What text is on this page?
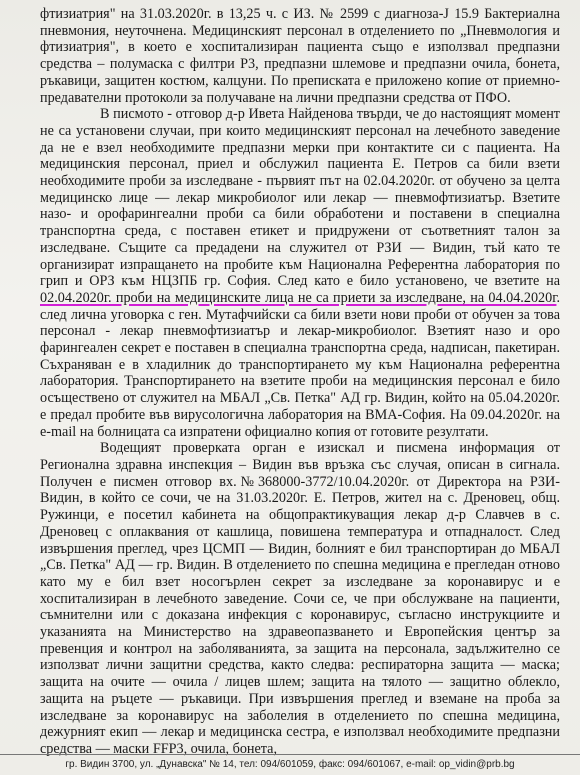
фтизиатрия" на 31.03.2020г. в 13,25 ч. с ИЗ. № 2599 с диагноза-J 15.9 Бактериална пневмония, неуточнена. Медицинският персонал в отделението по „Пневмология и фтизиатрия", в което е хоспитализиран пациента също е използвал предпазни средства – полумаска с филтри Р3, предпазни шлемове и предпазни очила, бонета, ръкавици, защитен костюм, калцуни. По преписката е приложено копие от приемно-предавателни протоколи за получаване на лични предпазни средства от ПФО.

В писмото - отговор д-р Ивета Найденова твърди, че до настоящият момент не са установени случаи, при които медицинският персонал на лечебното заведение да не е взел необходимите предпазни мерки при контактите си с пациента. На медицинския персонал, приел и обслужил пациента Е. Петров са били взети необходимите проби за изследване - първият път на 02.04.2020г. от обучено за целта медицинско лице — лекар микробиолог или лекар — пневмофтизиатър. Взетите назо- и орофарингеални проби са били обработени и поставени в специална транспортна среда, с поставен етикет и придружени от съответният талон за изследване. Същите са предадени на служител от РЗИ — Видин, тъй като те организират изпращането на пробите към Национална Референтна лаборатория по грип и ОРЗ към НЦЗПБ гр. София. След като е било установено, че взетите на 02.04.2020г. проби на медицинските лица не са приети за изследване, на 04.04.2020г. след лична уговорка с ген. Мутафчийски са били взети нови проби от обучен за това персонал - лекар пневмофтизиатър и лекар-микробиолог. Взетият назо и оро фарингеален секрет е поставен в специална транспортна среда, надписан, пакетиран. Съхраняван е в хладилник до транспортирането му към Национална референтна лаборатория. Транспортирането на взетите проби на медицинския персонал е било осъществено от служител на МБАЛ „Св. Петка" АД гр. Видин, който на 05.04.2020г. е предал пробите във вирусологична лаборатория на ВМА-София. На 09.04.2020г. на e-mail на болницата са изпратени официално копия от готовите резултати.

Водещият проверката орган е изискал и писмена информация от Регионална здравна инспекция – Видин във връзка със случая, описан в сигнала. Получен е писмен отговор вх.№368000-3772/10.04.2020г. от Директора на РЗИ-Видин, в който се сочи, че на 31.03.2020г. Е. Петров, жител на с. Дреновец, общ. Ружинци, е посетил кабинета на общопрактикуващия лекар д-р Славчев в с. Дреновец с оплаквания от кашлица, повишена температура и отпадналост. След извършения преглед, чрез ЦСМП — Видин, болният е бил транспортиран до МБАЛ „Св. Петка" АД — гр. Видин. В отделението по спешна медицина е прегледан отново като му е бил взет носогърлен секрет за изследване за коронавирус и е хоспитализиран в лечебното заведение. Сочи се, че при обслужване на пациенти, съмнителни или с доказана инфекция с коронавирус, съгласно инструкциите и указанията на Министерство на здравеопазването и Европейския център за превенция и контрол на заболяванията, за защита на персонала, задължително се използват лични защитни средства, както следва: респираторна защита — маска; защита на очите — очила / лицев шлем; защита на тялото — защитно облекло, защита на ръцете — ръкавици. При извършения преглед и вземане на проба за изследване за коронавирус на заболелия в отделението по спешна медицина, дежурният екип — лекар и медицинска сестра, е използвал необходимите предпазни средства — маски FFP3, очила, бонета,

гр. Видин 3700, ул. „Дунавска" № 14, тел: 094/601059, факс: 094/601067, e-mail: op_vidin@prb.bg
